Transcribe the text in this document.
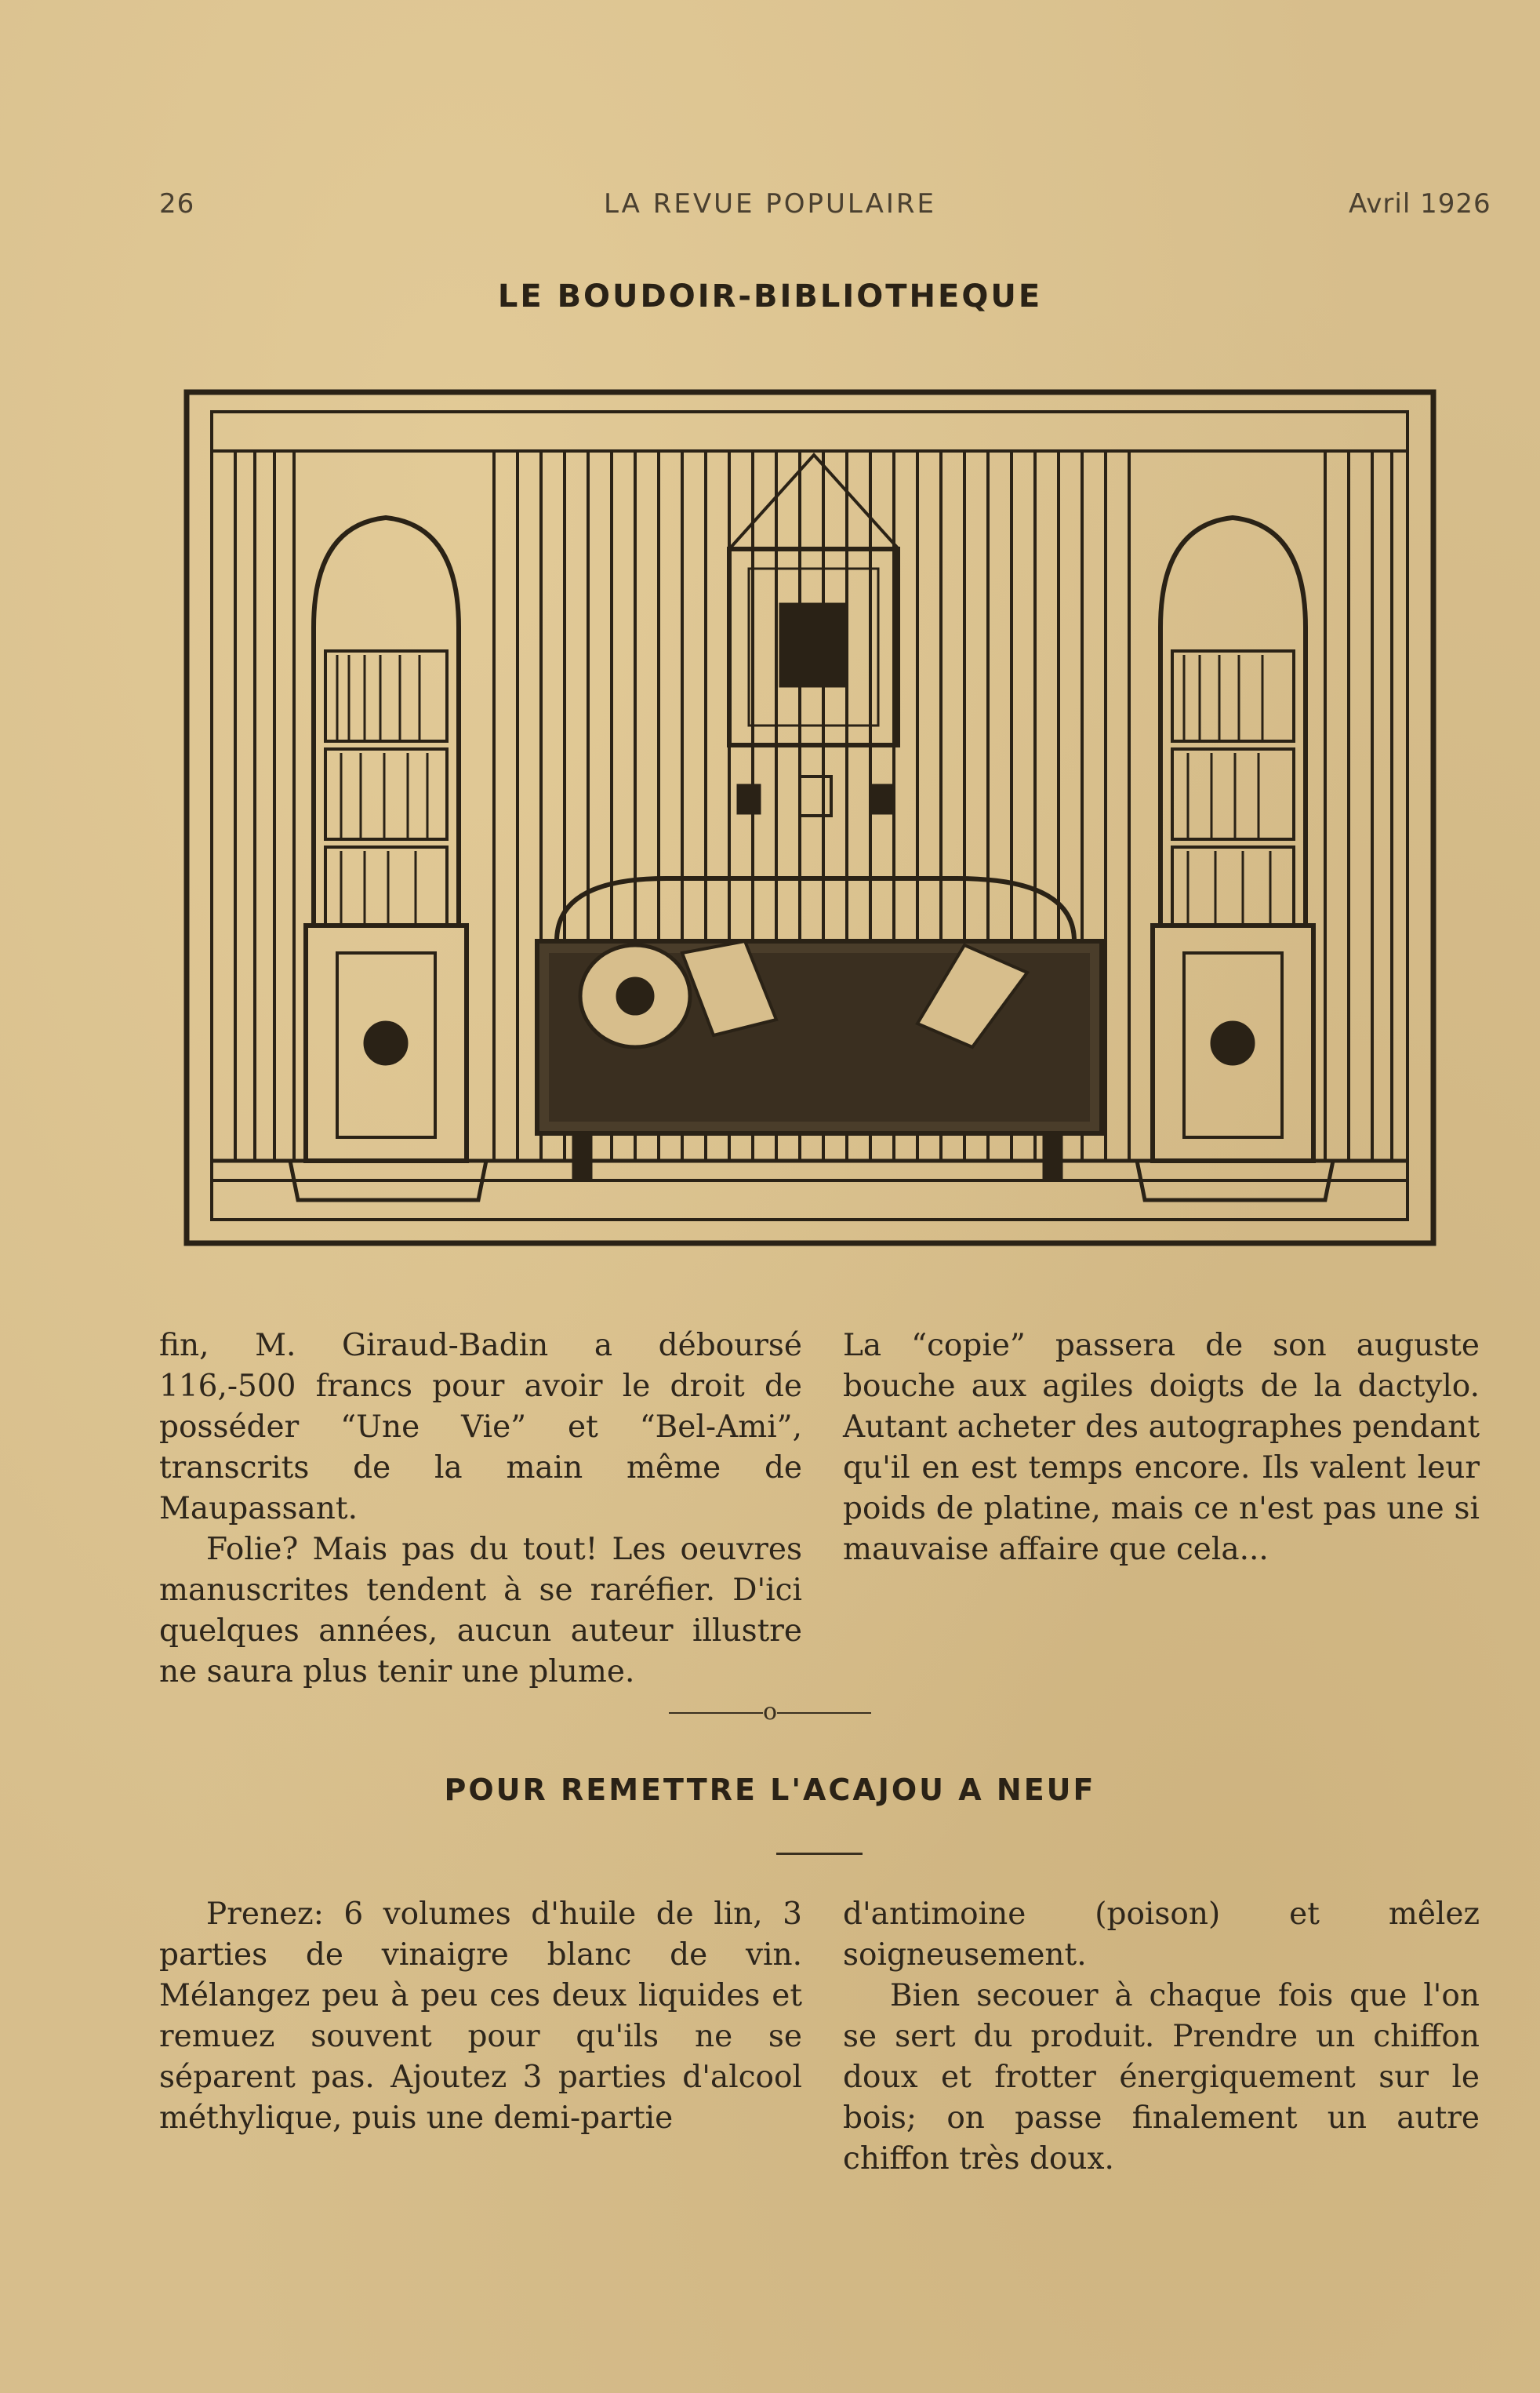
26	LA REVUE POPULAIRE	Avril 1926
LE BOUDOIR-BIBLIOTHEQUE

fin, M. Giraud-Badin a déboursé 116,-500 francs pour avoir le droit de posséder “Une Vie” et “Bel-Ami”, transcrits de la main même de Maupassant.

Folie? Mais pas du tout! Les oeuvres manuscrites tendent à se raréfier. D'ici quelques années, aucun auteur illustre ne saura plus tenir une plume.

La “copie” passera de son auguste bouche aux agiles doigts de la dactylo. Autant acheter des autographes pendant qu'il en est temps encore. Ils valent leur poids de platine, mais ce n'est pas une si mauvaise affaire que cela...

o
POUR REMETTRE L'ACAJOU A NEUF

Prenez: 6 volumes d'huile de lin, 3 parties de vinaigre blanc de vin. Mélangez peu à peu ces deux liquides et remuez souvent pour qu'ils ne se séparent pas. Ajoutez 3 parties d'alcool méthylique, puis une demi-partie

d'antimoine (poison) et mêlez soigneusement.

Bien secouer à chaque fois que l'on se sert du produit. Prendre un chiffon doux et frotter énergiquement sur le bois; on passe finalement un autre chiffon très doux.
